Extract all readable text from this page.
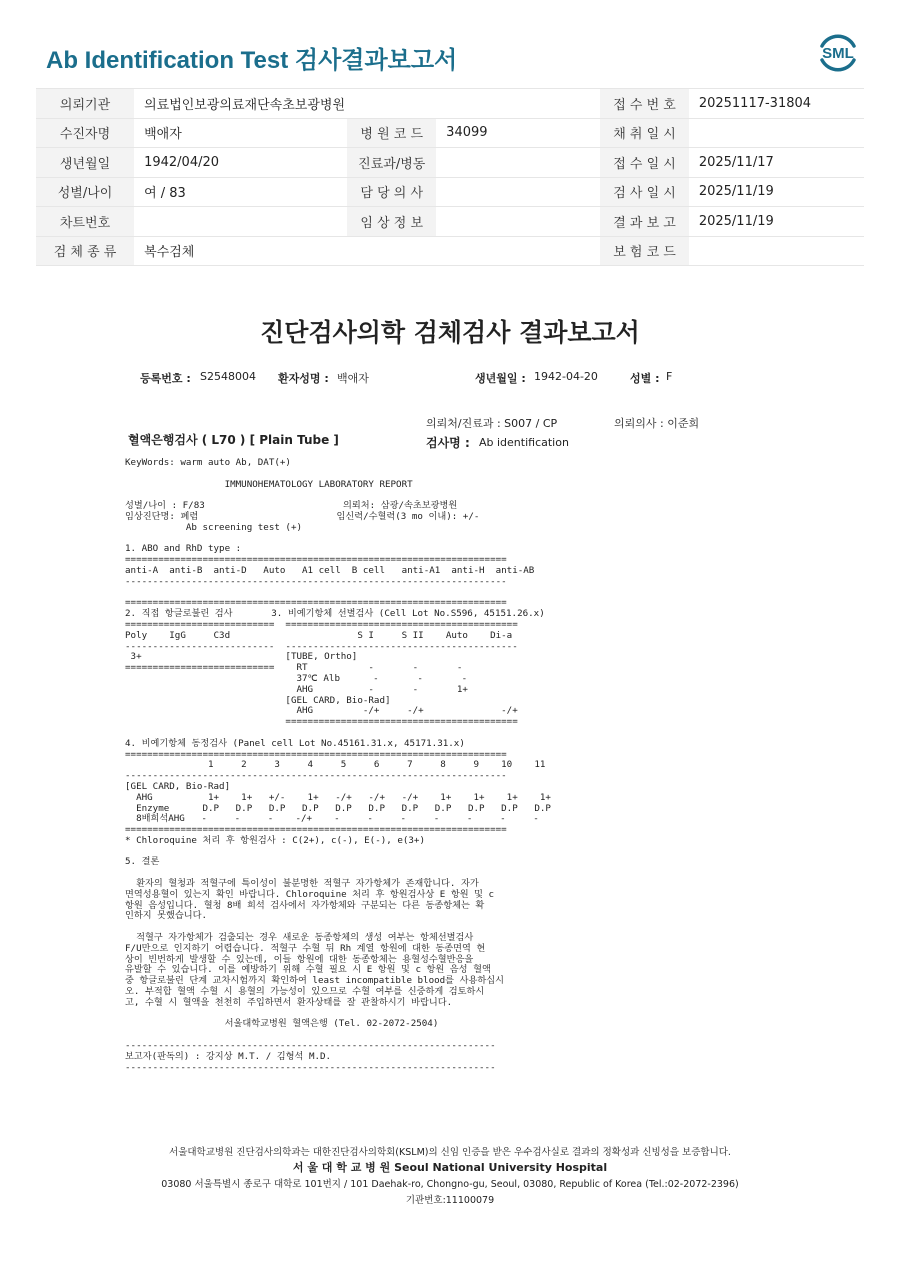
Ab Identification Test 검사결과보고서	SML
의뢰기관	의료법인보광의료재단속초보광병원			접 수 번 호	20251117-31804
수진자명	백애자	병 원 코 드	34099	채 취 일 시	
생년월일	1942/04/20	진료과/병동		접 수 일 시	2025/11/17
성별/나이	여 / 83	담 당 의 사		검 사 일 시	2025/11/19
차트번호		임 상 정 보		결 과 보 고	2025/11/19
검 체 종 류	복수검체			보 험 코 드	
진단검사의학 검체검사 결과보고서
등록번호 : S2548004 환자성명 : 백애자	생년월일 : 1942-04-20	성별 : F
의뢰처/진료과 : S007 / CP	의뢰의사 : 이준희
혈액은행검사 ( L70 ) [ Plain Tube ]	검사명 : Ab identification
KeyWords: warm auto Ab, DAT(+)

IMMUNOHEMATOLOGY LABORATORY REPORT

성별/나이 : F/83                         의뢰처: 삼광/속초보광병원
임상진단명: 폐렴                         임신력/수혈력(3 mo 이내): +/-
Ab screening test (+)

1. ABO and RhD type :
=====================================================================
anti-A  anti-B  anti-D   Auto   A1 cell  B cell   anti-A1  anti-H  anti-AB
---------------------------------------------------------------------

=====================================================================
2. 직접 항글로불린 검사       3. 비예기항체 선별검사 (Cell Lot No.S596, 45151.26.x)
===========================  ==========================================
Poly    IgG     C3d                       S I     S II    Auto    Di-a
---------------------------  ------------------------------------------
3+                          [TUBE, Ortho]
===========================    RT           -       -       -
37℃ Alb      -       -       -
AHG          -       -       1+
[GEL CARD, Bio-Rad]
AHG         -/+     -/+              -/+
==========================================

4. 비예기항체 동정검사 (Panel cell Lot No.45161.31.x, 45171.31.x)
=====================================================================
1     2     3     4     5     6     7     8     9    10    11
---------------------------------------------------------------------
[GEL CARD, Bio-Rad]
AHG          1+    1+   +/-    1+   -/+   -/+   -/+    1+    1+    1+    1+
Enzyme      D.P   D.P   D.P   D.P   D.P   D.P   D.P   D.P   D.P   D.P   D.P
8배희석AHG   -     -     -    -/+    -     -     -     -     -     -     -
=====================================================================
* Chloroquine 처리 후 항원검사 : C(2+), c(-), E(-), e(3+)

5. 결론

환자의 혈청과 적혈구에 특이성이 불분명한 적혈구 자가항체가 존재합니다. 자가
면역성용혈이 있는지 확인 바랍니다. Chloroquine 처리 후 항원검사상 E 항원 및 c
항원 음성입니다. 혈청 8배 희석 검사에서 자가항체와 구분되는 다른 동종항체는 확
인하지 못했습니다.

적혈구 자가항체가 검출되는 경우 새로운 동종항체의 생성 여부는 항체선별검사
F/U만으로 인지하기 어렵습니다. 적혈구 수혈 뒤 Rh 계열 항원에 대한 동종면역 현
상이 빈번하게 발생할 수 있는데, 이들 항원에 대한 동종항체는 용혈성수혈반응을
유발할 수 있습니다. 이를 예방하기 위해 수혈 필요 시 E 항원 및 c 항원 음성 혈액
중 항글로불린 단계 교차시험까지 확인하여 least incompatible blood를 사용하십시
오. 부적합 혈액 수혈 시 용혈의 가능성이 있으므로 수혈 여부를 신중하게 검토하시
고, 수혈 시 혈액을 천천히 주입하면서 환자상태를 잘 관찰하시기 바랍니다.

서울대학교병원 혈액은행 (Tel. 02-2072-2504)

-------------------------------------------------------------------
보고자(판독의) : 강지상 M.T. / 김형석 M.D.
-------------------------------------------------------------------
서울대학교병원 진단검사의학과는 대한진단검사의학회(KSLM)의 신임 인증을 받은 우수검사실로 결과의 정확성과 신빙성을 보증합니다.
서 울 대 학 교 병 원 Seoul National University Hospital
03080 서울특별시 종로구 대학로 101번지 / 101 Daehak-ro, Chongno-gu, Seoul, 03080, Republic of Korea (Tel.:02-2072-2396)
기관번호:11100079
